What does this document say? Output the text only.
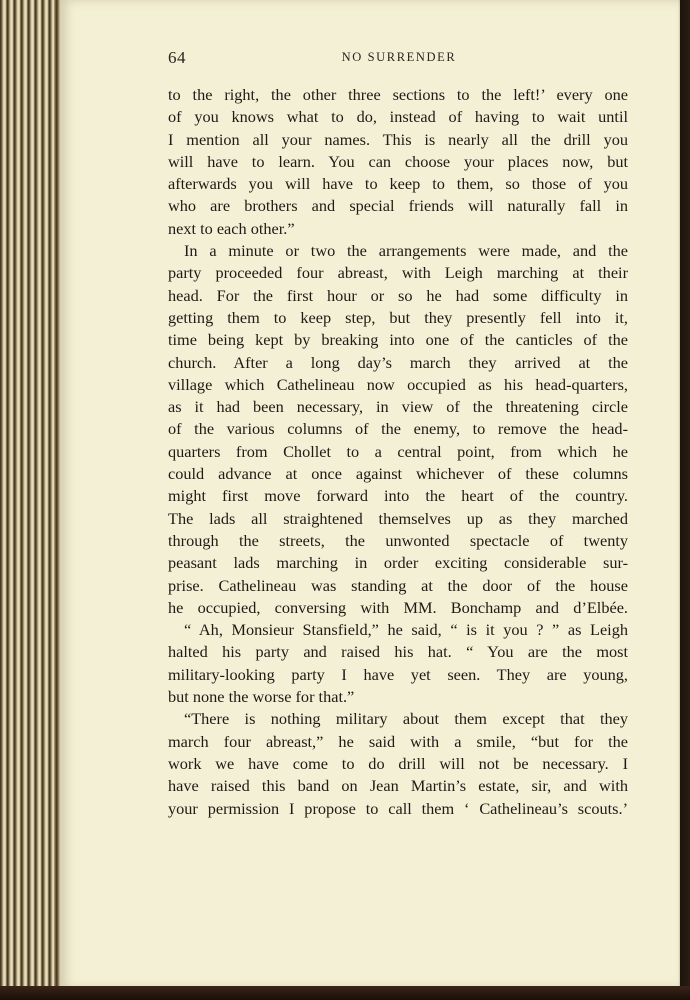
64	NO SURRENDER
to the right, the other three sections to the left!’ every one
of you knows what to do, instead of having to wait until
I mention all your names. This is nearly all the drill you
will have to learn. You can choose your places now, but
afterwards you will have to keep to them, so those of you
who are brothers and special friends will naturally fall in
next to each other.”
In a minute or two the arrangements were made, and the
party proceeded four abreast, with Leigh marching at their
head. For the first hour or so he had some difficulty in
getting them to keep step, but they presently fell into it,
time being kept by breaking into one of the canticles of the
church. After a long day’s march they arrived at the
village which Cathelineau now occupied as his head-quarters,
as it had been necessary, in view of the threatening circle
of the various columns of the enemy, to remove the head-
quarters from Chollet to a central point, from which he
could advance at once against whichever of these columns
might first move forward into the heart of the country.
The lads all straightened themselves up as they marched
through the streets, the unwonted spectacle of twenty
peasant lads marching in order exciting considerable sur-
prise. Cathelineau was standing at the door of the house
he occupied, conversing with MM. Bonchamp and d’Elbée.
“ Ah, Monsieur Stansfield,” he said, “ is it you ? ” as Leigh
halted his party and raised his hat. “ You are the most
military-looking party I have yet seen. They are young,
but none the worse for that.”
“There is nothing military about them except that they
march four abreast,” he said with a smile, “but for the
work we have come to do drill will not be necessary. I
have raised this band on Jean Martin’s estate, sir, and with
your permission I propose to call them ‘ Cathelineau’s scouts.’
